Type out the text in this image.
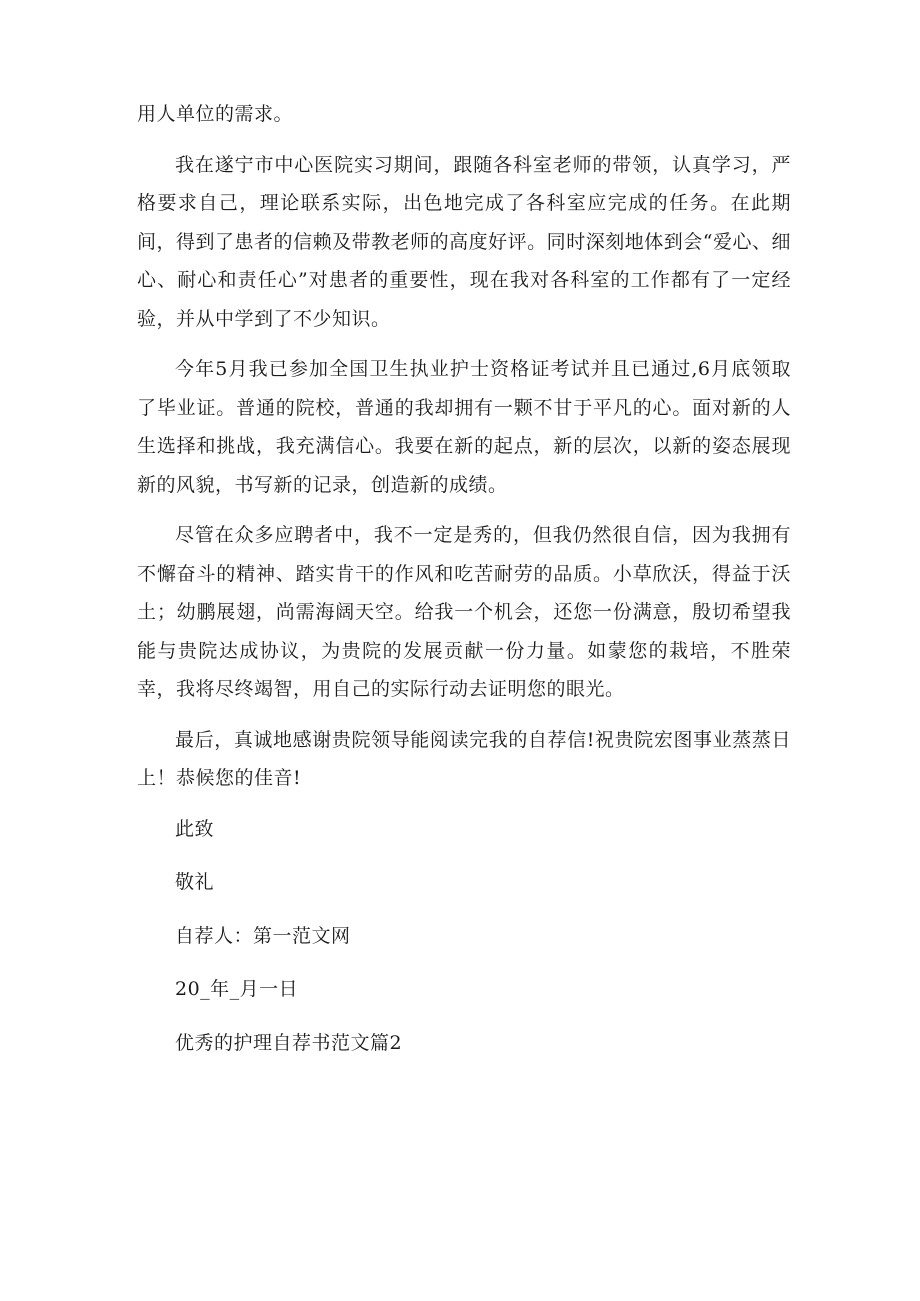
用人单位的需求。

我在遂宁市中心医院实习期间，跟随各科室老师的带领，认真学习，严格要求自己，理论联系实际，出色地完成了各科室应完成的任务。在此期间，得到了患者的信赖及带教老师的高度好评。同时深刻地体到会“爱心、细心、耐心和责任心”对患者的重要性，现在我对各科室的工作都有了一定经验，并从中学到了不少知识。

今年5月我已参加全国卫生执业护士资格证考试并且已通过,6月底领取了毕业证。普通的院校，普通的我却拥有一颗不甘于平凡的心。面对新的人生选择和挑战，我充满信心。我要在新的起点，新的层次，以新的姿态展现新的风貌，书写新的记录，创造新的成绩。

尽管在众多应聘者中，我不一定是秀的，但我仍然很自信，因为我拥有不懈奋斗的精神、踏实肯干的作风和吃苦耐劳的品质。小草欣沃，得益于沃土；幼鹏展翅，尚需海阔天空。给我一个机会，还您一份满意，殷切希望我能与贵院达成协议，为贵院的发展贡献一份力量。如蒙您的栽培，不胜荣幸，我将尽终竭智，用自己的实际行动去证明您的眼光。

最后，真诚地感谢贵院领导能阅读完我的自荐信!祝贵院宏图事业蒸蒸日上！恭候您的佳音!

此致
敬礼
自荐人：第一范文网
20_年_月一日
优秀的护理自荐书范文篇2
